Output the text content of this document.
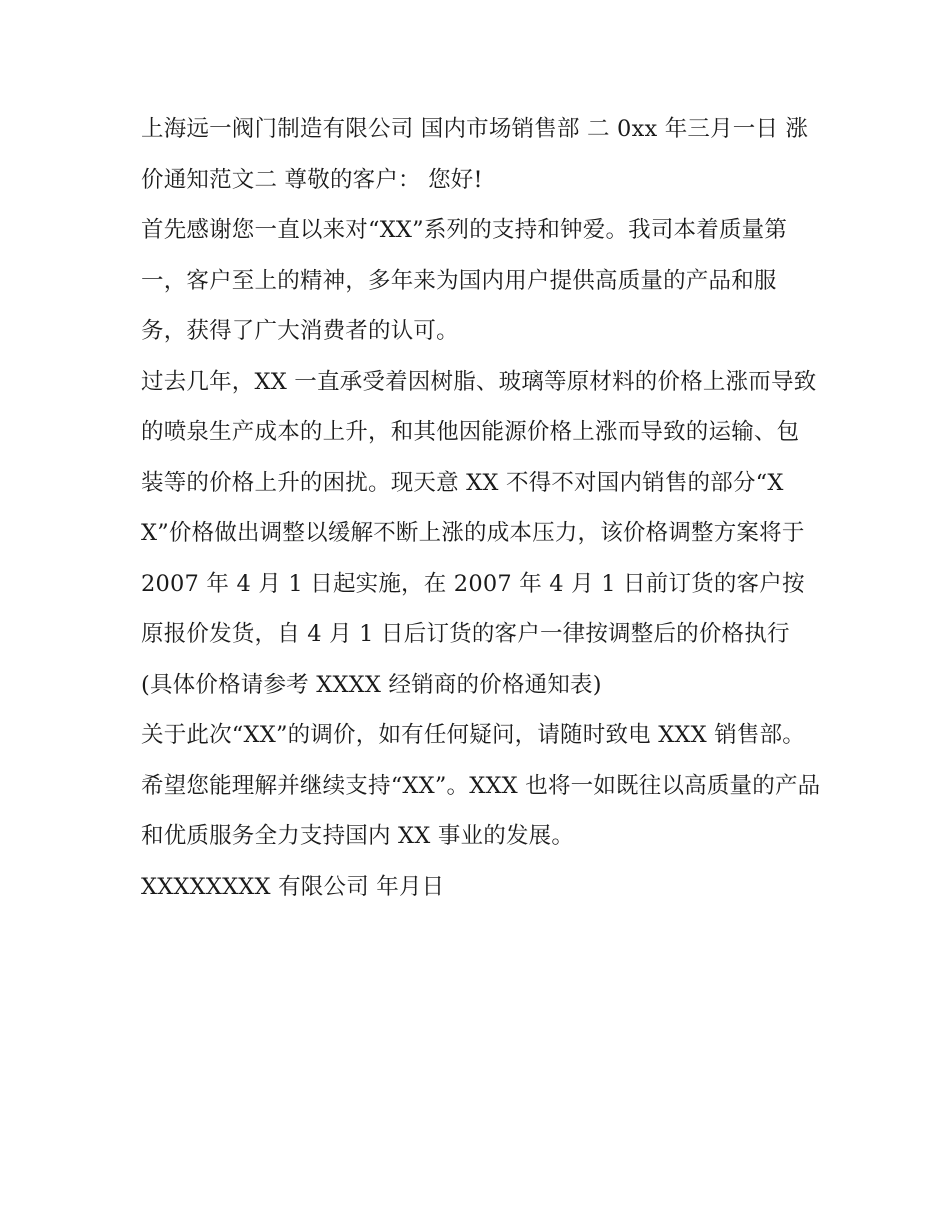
上海远一阀门制造有限公司 国内市场销售部 二 0xx 年三月一日 涨价通知范文二 尊敬的客户： 您好!

首先感谢您一直以来对“XX”系列的支持和钟爱。我司本着质量第一，客户至上的精神，多年来为国内用户提供高质量的产品和服务，获得了广大消费者的认可。

过去几年，XX 一直承受着因树脂、玻璃等原材料的价格上涨而导致的喷泉生产成本的上升，和其他因能源价格上涨而导致的运输、包装等的价格上升的困扰。现天意 XX 不得不对国内销售的部分“XX”价格做出调整以缓解不断上涨的成本压力，该价格调整方案将于 2007 年 4 月 1 日起实施，在 2007 年 4 月 1 日前订货的客户按原报价发货，自 4 月 1 日后订货的客户一律按调整后的价格执行(具体价格请参考 XXXX 经销商的价格通知表)

关于此次“XX”的调价，如有任何疑问，请随时致电 XXX 销售部。希望您能理解并继续支持“XX”。XXX 也将一如既往以高质量的产品和优质服务全力支持国内 XX 事业的发展。

XXXXXXXX 有限公司 年月日
